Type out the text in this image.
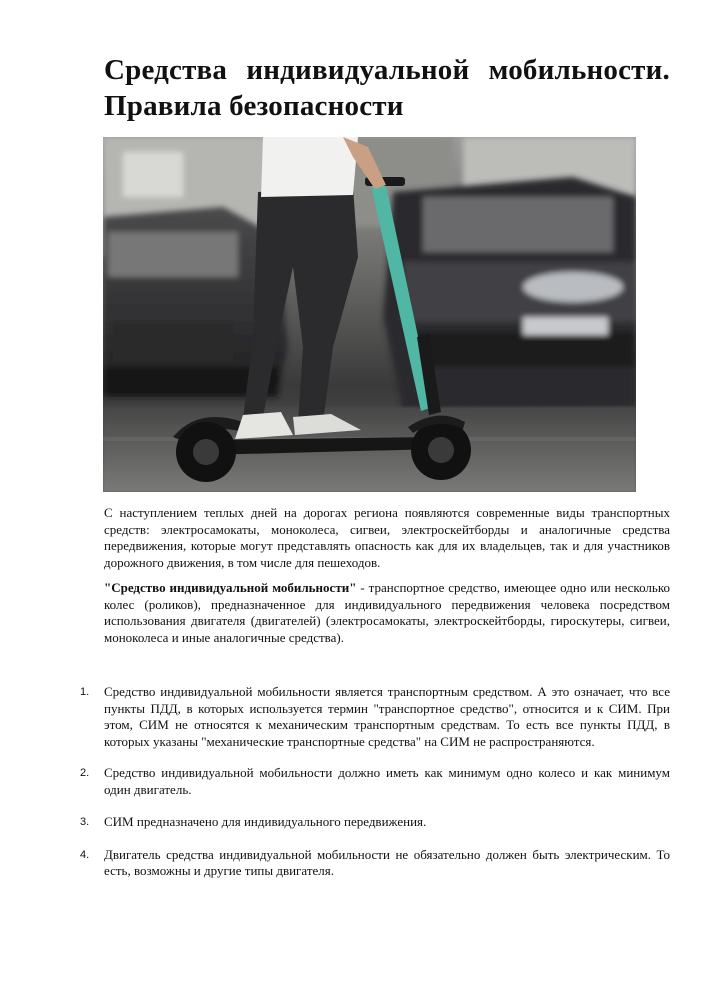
Средства индивидуальной мобильности.
Правила безопасности

С наступлением теплых дней на дорогах региона появляются современные виды транспортных средств: электросамокаты, моноколеса, сигвеи, электроскейтборды и аналогичные средства передвижения, которые могут представлять опасность как для их владельцев, так и для участников дорожного движения, в том числе для пешеходов.

"Средство индивидуальной мобильности" - транспортное средство, имеющее одно или несколько колес (роликов), предназначенное для индивидуального передвижения человека посредством использования двигателя (двигателей) (электросамокаты, электроскейтборды, гироскутеры, сигвеи, моноколеса и иные аналогичные средства).

1. Средство индивидуальной мобильности является транспортным средством. А это означает, что все пункты ПДД, в которых используется термин "транспортное средство", относится и к СИМ. При этом, СИМ не относятся к механическим транспортным средствам. То есть все пункты ПДД, в которых указаны "механические транспортные средства" на СИМ не распространяются.
2. Средство индивидуальной мобильности должно иметь как минимум одно колесо и как минимум один двигатель.
3. СИМ предназначено для индивидуального передвижения.
4. Двигатель средства индивидуальной мобильности не обязательно должен быть электрическим. То есть, возможны и другие типы двигателя.
